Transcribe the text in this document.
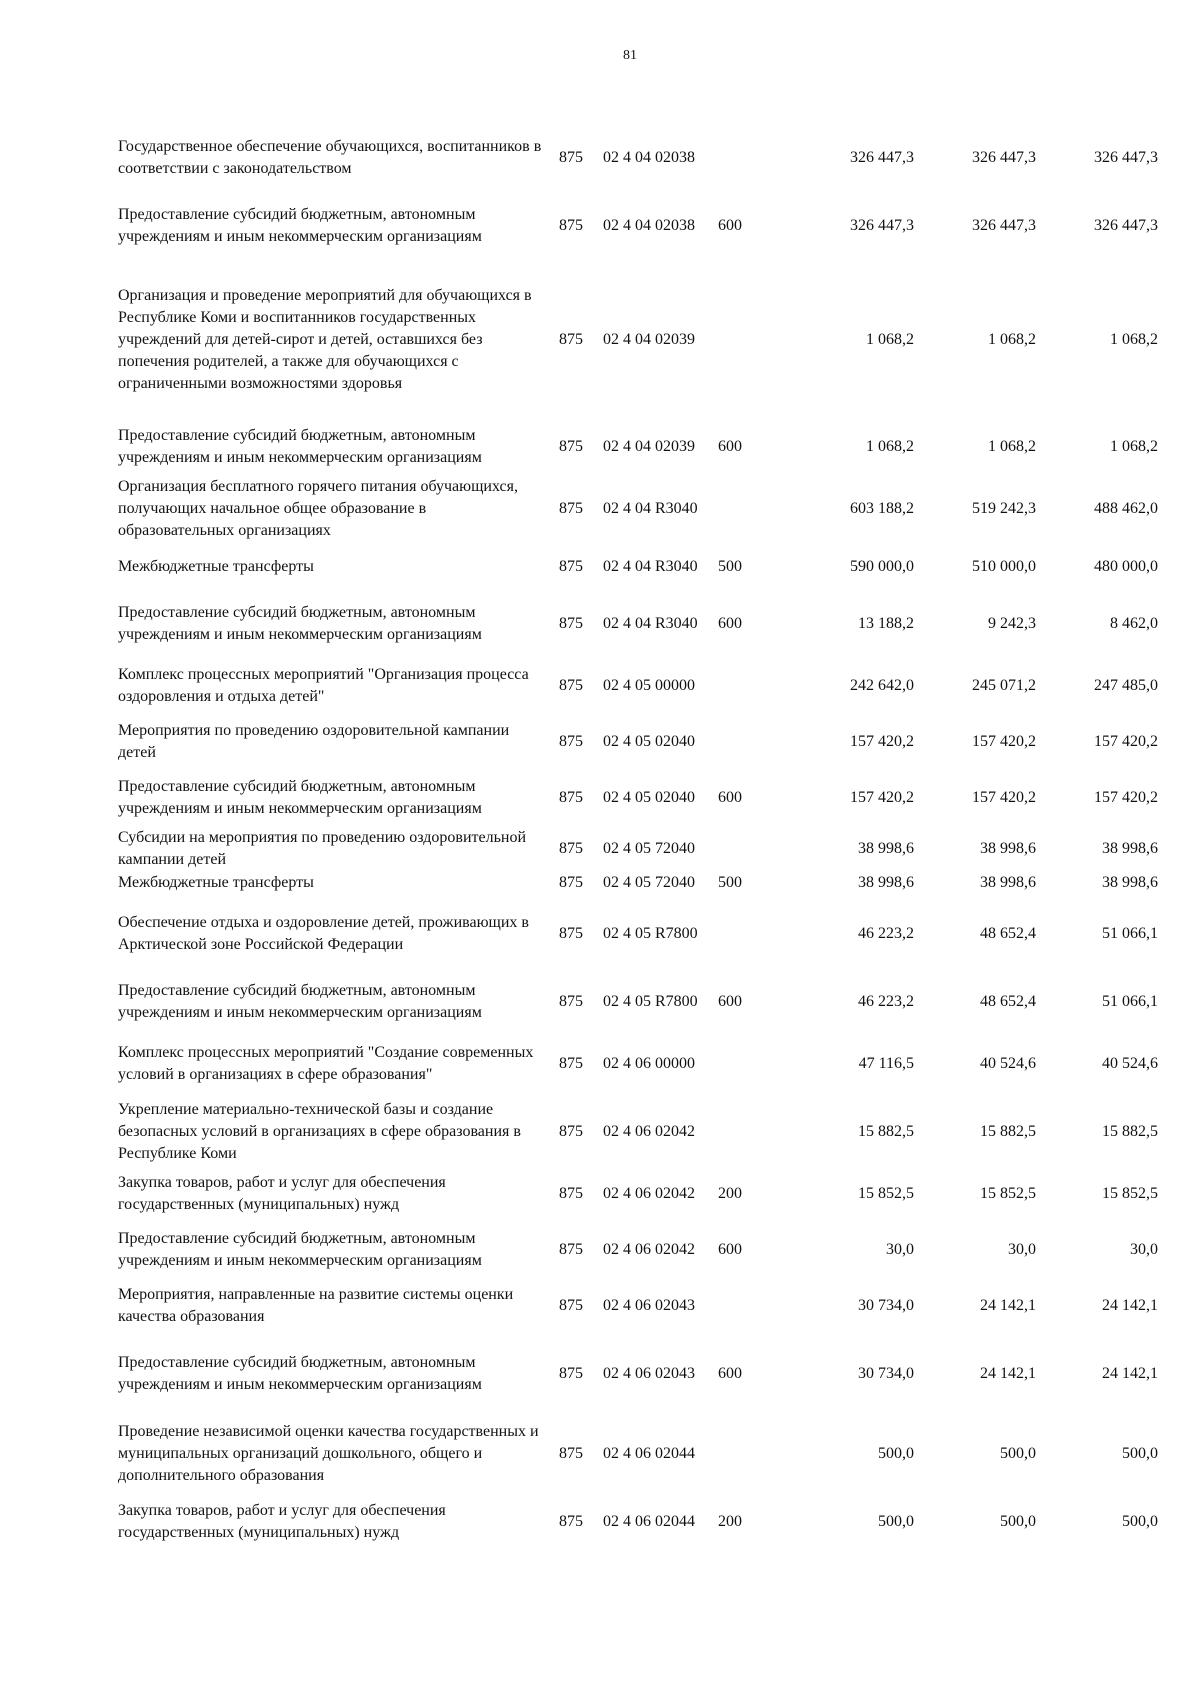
81
Государственное обеспечение обучающихся, воспитанников в соответствии с законодательством	875	02 4 04 02038		326 447,3	326 447,3	326 447,3
Предоставление субсидий бюджетным, автономным учреждениям и иным некоммерческим организациям	875	02 4 04 02038	600	326 447,3	326 447,3	326 447,3
Организация и проведение мероприятий для обучающихся в Республике Коми и воспитанников государственных учреждений для детей-сирот и детей, оставшихся без попечения родителей, а также для обучающихся с ограниченными возможностями здоровья	875	02 4 04 02039		1 068,2	1 068,2	1 068,2
Предоставление субсидий бюджетным, автономным учреждениям и иным некоммерческим организациям	875	02 4 04 02039	600	1 068,2	1 068,2	1 068,2
Организация бесплатного горячего питания обучающихся, получающих начальное общее образование в образовательных организациях	875	02 4 04 R3040		603 188,2	519 242,3	488 462,0
Межбюджетные трансферты	875	02 4 04 R3040	500	590 000,0	510 000,0	480 000,0
Предоставление субсидий бюджетным, автономным учреждениям и иным некоммерческим организациям	875	02 4 04 R3040	600	13 188,2	9 242,3	8 462,0
Комплекс процессных мероприятий "Организация процесса оздоровления и отдыха детей"	875	02 4 05 00000		242 642,0	245 071,2	247 485,0
Мероприятия по проведению оздоровительной кампании детей	875	02 4 05 02040		157 420,2	157 420,2	157 420,2
Предоставление субсидий бюджетным, автономным учреждениям и иным некоммерческим организациям	875	02 4 05 02040	600	157 420,2	157 420,2	157 420,2
Субсидии на мероприятия по проведению оздоровительной кампании детей	875	02 4 05 72040		38 998,6	38 998,6	38 998,6
Межбюджетные трансферты	875	02 4 05 72040	500	38 998,6	38 998,6	38 998,6
Обеспечение отдыха и оздоровление детей, проживающих в Арктической зоне Российской Федерации	875	02 4 05 R7800		46 223,2	48 652,4	51 066,1
Предоставление субсидий бюджетным, автономным учреждениям и иным некоммерческим организациям	875	02 4 05 R7800	600	46 223,2	48 652,4	51 066,1
Комплекс процессных мероприятий "Создание современных условий в организациях в сфере образования"	875	02 4 06 00000		47 116,5	40 524,6	40 524,6
Укрепление материально-технической базы и создание безопасных условий в организациях в сфере образования в Республике Коми	875	02 4 06 02042		15 882,5	15 882,5	15 882,5
Закупка товаров, работ и услуг для обеспечения государственных (муниципальных) нужд	875	02 4 06 02042	200	15 852,5	15 852,5	15 852,5
Предоставление субсидий бюджетным, автономным учреждениям и иным некоммерческим организациям	875	02 4 06 02042	600	30,0	30,0	30,0
Мероприятия, направленные на развитие системы оценки качества образования	875	02 4 06 02043		30 734,0	24 142,1	24 142,1
Предоставление субсидий бюджетным, автономным учреждениям и иным некоммерческим организациям	875	02 4 06 02043	600	30 734,0	24 142,1	24 142,1
Проведение независимой оценки качества государственных и муниципальных организаций дошкольного, общего и дополнительного образования	875	02 4 06 02044		500,0	500,0	500,0
Закупка товаров, работ и услуг для обеспечения государственных (муниципальных) нужд	875	02 4 06 02044	200	500,0	500,0	500,0
